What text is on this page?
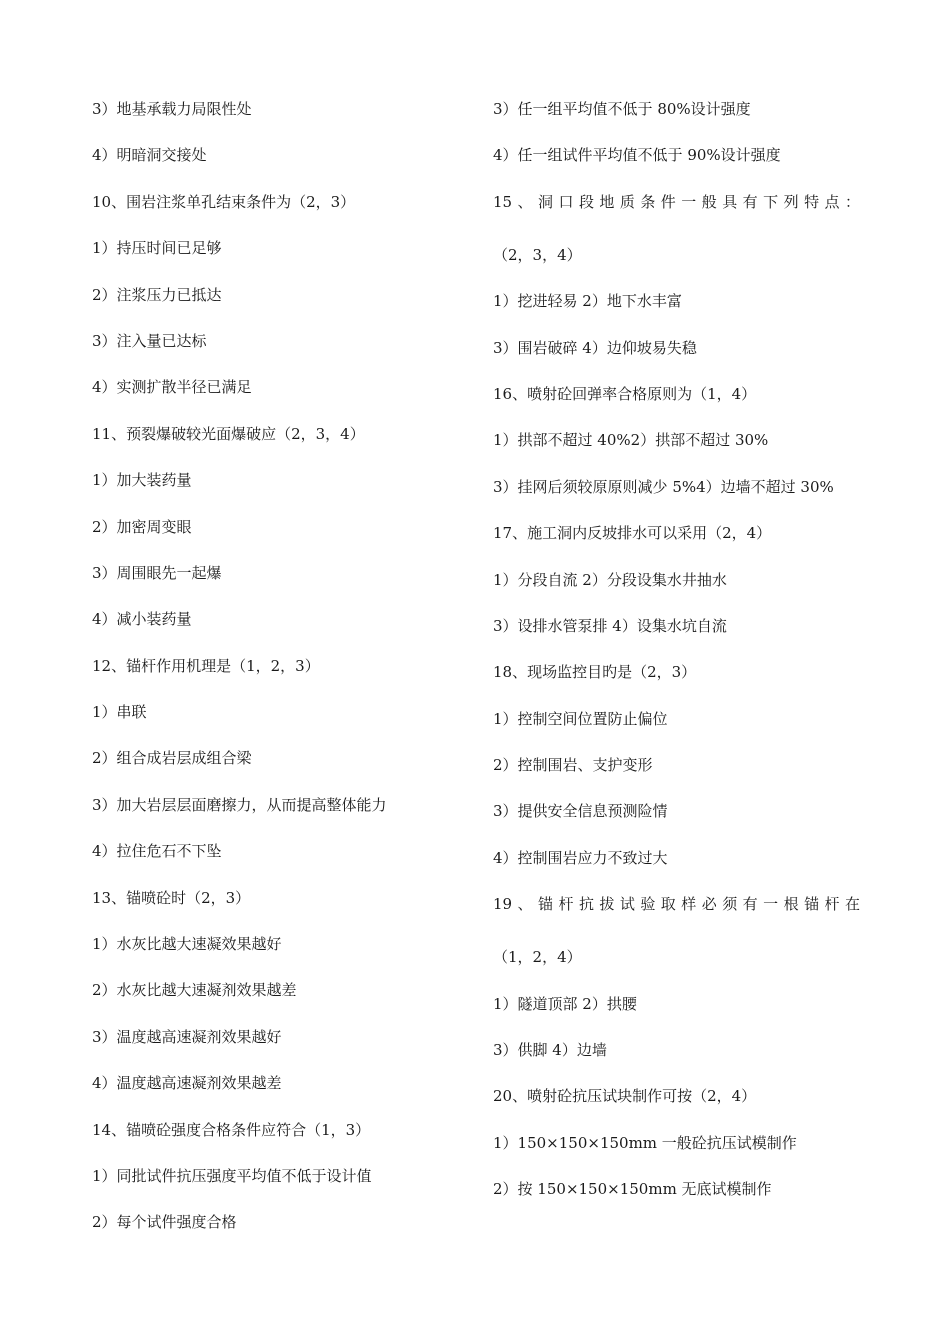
3）地基承载力局限性处
4）明暗洞交接处
10、围岩注浆单孔结束条件为（2，3）
1）持压时间已足够
2）注浆压力已抵达
3）注入量已达标
4）实测扩散半径已满足
11、预裂爆破较光面爆破应（2，3，4）
1）加大装药量
2）加密周变眼
3）周围眼先一起爆
4）减小装药量
12、锚杆作用机理是（1，2，3）
1）串联
2）组合成岩层成组合梁
3）加大岩层层面磨擦力，从而提高整体能力
4）拉住危石不下坠
13、锚喷砼时（2，3）
1）水灰比越大速凝效果越好
2）水灰比越大速凝剂效果越差
3）温度越高速凝剂效果越好
4）温度越高速凝剂效果越差
14、锚喷砼强度合格条件应符合（1，3）
1）同批试件抗压强度平均值不低于设计值
2）每个试件强度合格
3）任一组平均值不低于 80%设计强度
4）任一组试件平均值不低于 90%设计强度
15、洞口段地质条件一般具有下列特点：
（2，3，4）
1）挖进轻易 2）地下水丰富
3）围岩破碎 4）边仰坡易失稳
16、喷射砼回弹率合格原则为（1，4）
1）拱部不超过 40%2）拱部不超过 30%
3）挂网后须较原原则减少 5%4）边墙不超过 30%
17、施工洞内反坡排水可以采用（2，4）
1）分段自流 2）分段设集水井抽水
3）设排水管泵排 4）设集水坑自流
18、现场监控目旳是（2，3）
1）控制空间位置防止偏位
2）控制围岩、支护变形
3）提供安全信息预测险情
4）控制围岩应力不致过大
19、锚杆抗拔试验取样必须有一根锚杆在
（1，2，4）
1）隧道顶部 2）拱腰
3）供脚 4）边墙
20、喷射砼抗压试块制作可按（2，4）
1）150×150×150mm 一般砼抗压试模制作
2）按 150×150×150mm 无底试模制作
